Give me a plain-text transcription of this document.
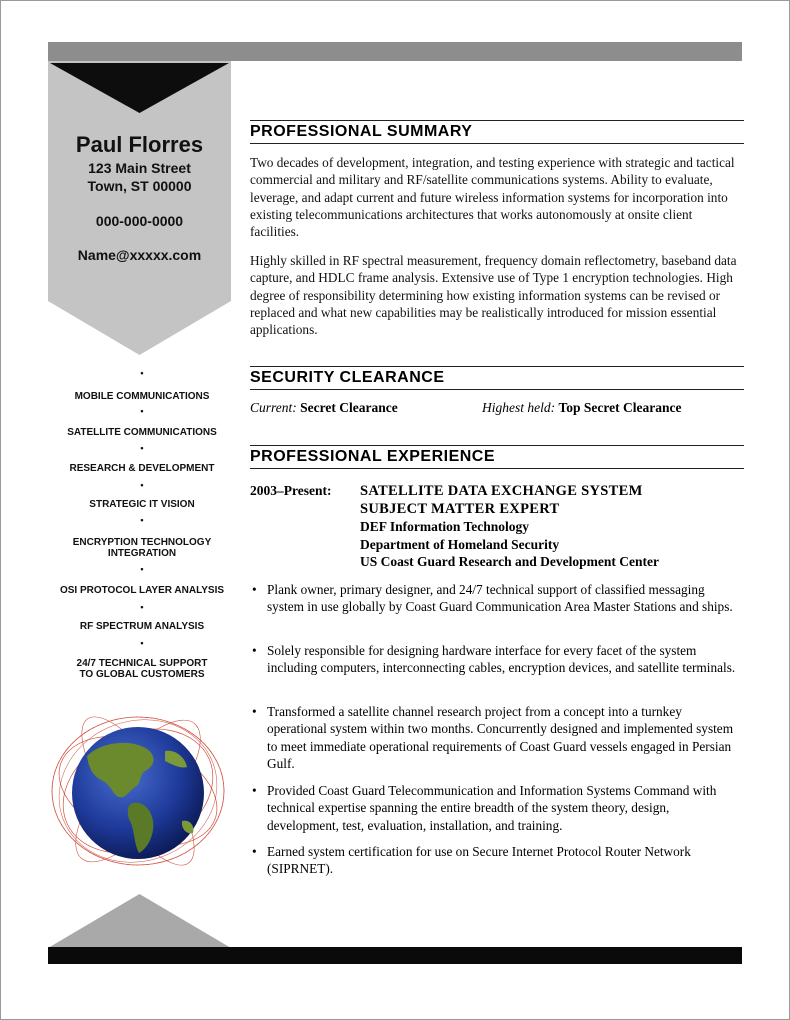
Paul Florres
123 Main Street
Town, ST 00000
000-000-0000
Name@xxxxx.com
•
MOBILE COMMUNICATIONS
•
SATELLITE COMMUNICATIONS
•
RESEARCH & DEVELOPMENT
•
STRATEGIC IT VISION
•
ENCRYPTION TECHNOLOGY
INTEGRATION
•
OSI PROTOCOL LAYER ANALYSIS
•
RF SPECTRUM ANALYSIS
•
24/7 TECHNICAL SUPPORT
TO GLOBAL CUSTOMERS
PROFESSIONAL SUMMARY
Two decades of development, integration, and testing experience with strategic and tactical commercial and military and RF/satellite communications systems. Ability to evaluate, leverage, and adapt current and future wireless information systems for incorporation into existing telecommunications architectures that works autonomously at onsite client facilities.
Highly skilled in RF spectral measurement, frequency domain reflectometry, baseband data capture, and HDLC frame analysis. Extensive use of Type 1 encryption technologies. High degree of responsibility determining how existing information systems can be revised or replaced and what new capabilities may be realistically introduced for mission essential applications.
SECURITY CLEARANCE
Current: Secret Clearance	Highest held: Top Secret Clearance
PROFESSIONAL EXPERIENCE
2003–Present: SATELLITE DATA EXCHANGE SYSTEM
SUBJECT MATTER EXPERT
DEF Information Technology
Department of Homeland Security
US Coast Guard Research and Development Center
• Plank owner, primary designer, and 24/7 technical support of classified messaging system in use globally by Coast Guard Communication Area Master Stations and ships.
• Solely responsible for designing hardware interface for every facet of the system including computers, interconnecting cables, encryption devices, and satellite terminals.
• Transformed a satellite channel research project from a concept into a turnkey operational system within two months. Concurrently designed and implemented system to meet immediate operational requirements of Coast Guard vessels engaged in Persian Gulf.
• Provided Coast Guard Telecommunication and Information Systems Command with technical expertise spanning the entire breadth of the system theory, design, development, test, evaluation, installation, and training.
• Earned system certification for use on Secure Internet Protocol Router Network (SIPRNET).
